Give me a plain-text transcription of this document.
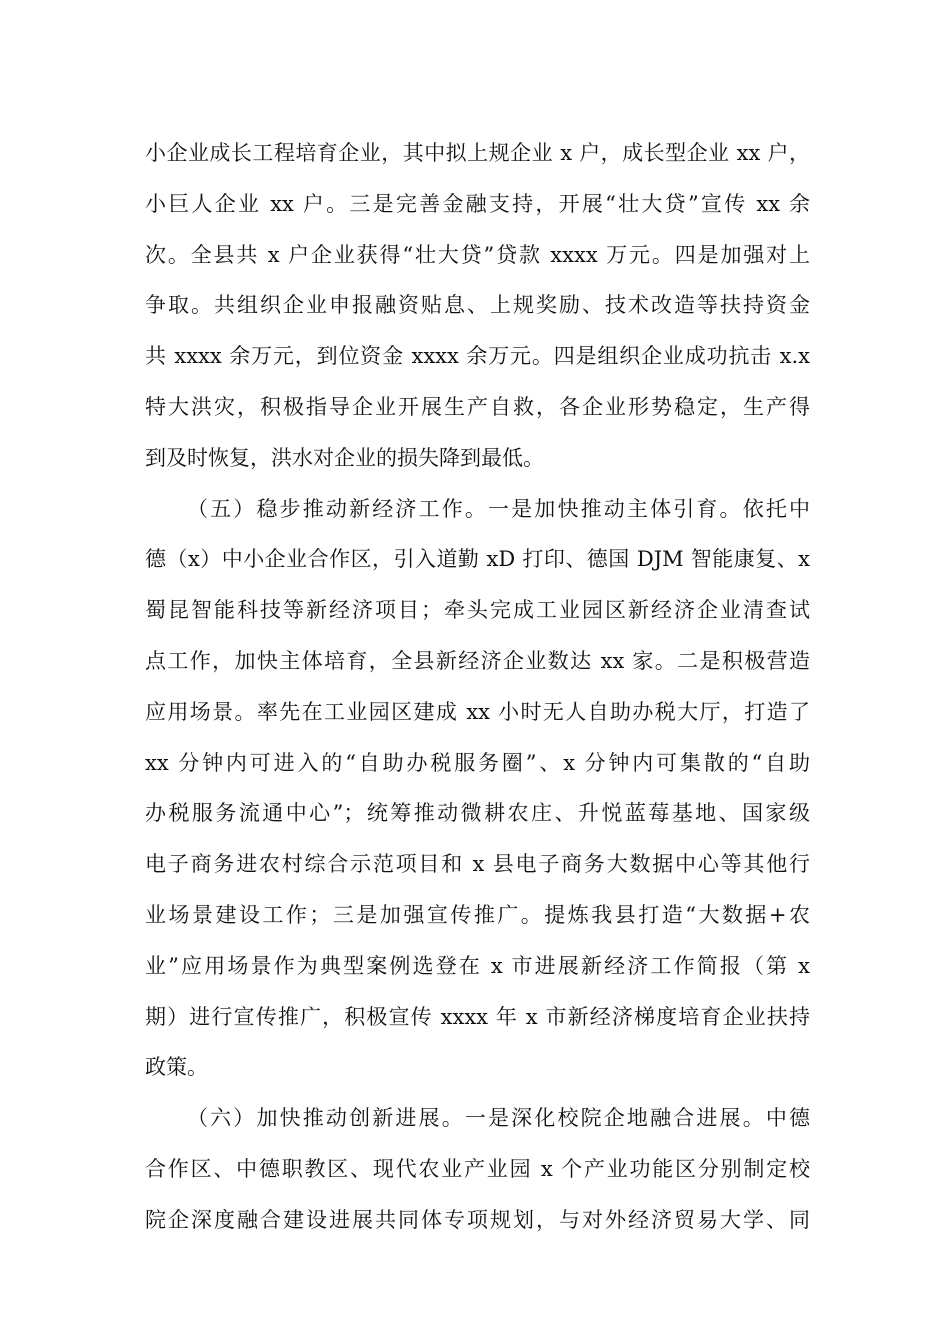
小企业成长工程培育企业，其中拟上规企业 x 户，成长型企业 xx 户，
小巨人企业 xx 户。三是完善金融支持，开展“壮大贷”宣传 xx 余
次。全县共 x 户企业获得“壮大贷”贷款 xxxx 万元。四是加强对上
争取。共组织企业申报融资贴息、上规奖励、技术改造等扶持资金
共 xxxx 余万元，到位资金 xxxx 余万元。四是组织企业成功抗击 x.x
特大洪灾，积极指导企业开展生产自救，各企业形势稳定，生产得
到及时恢复，洪水对企业的损失降到最低。

（五）稳步推动新经济工作。一是加快推动主体引育。依托中
德（x）中小企业合作区，引入道勤 xD 打印、德国 DJM 智能康复、x
蜀昆智能科技等新经济项目；牵头完成工业园区新经济企业清查试
点工作，加快主体培育，全县新经济企业数达 xx 家。二是积极营造
应用场景。率先在工业园区建成 xx 小时无人自助办税大厅，打造了
xx 分钟内可进入的“自助办税服务圈”、x 分钟内可集散的“自助
办税服务流通中心”；统筹推动微耕农庄、升悦蓝莓基地、国家级
电子商务进农村综合示范项目和 x 县电子商务大数据中心等其他行
业场景建设工作；三是加强宣传推广。提炼我县打造“大数据+农
业”应用场景作为典型案例选登在 x 市进展新经济工作简报（第 x
期）进行宣传推广，积极宣传 xxxx 年 x 市新经济梯度培育企业扶持
政策。

（六）加快推动创新进展。一是深化校院企地融合进展。中德
合作区、中德职教区、现代农业产业园 x 个产业功能区分别制定校
院企深度融合建设进展共同体专项规划，与对外经济贸易大学、同
